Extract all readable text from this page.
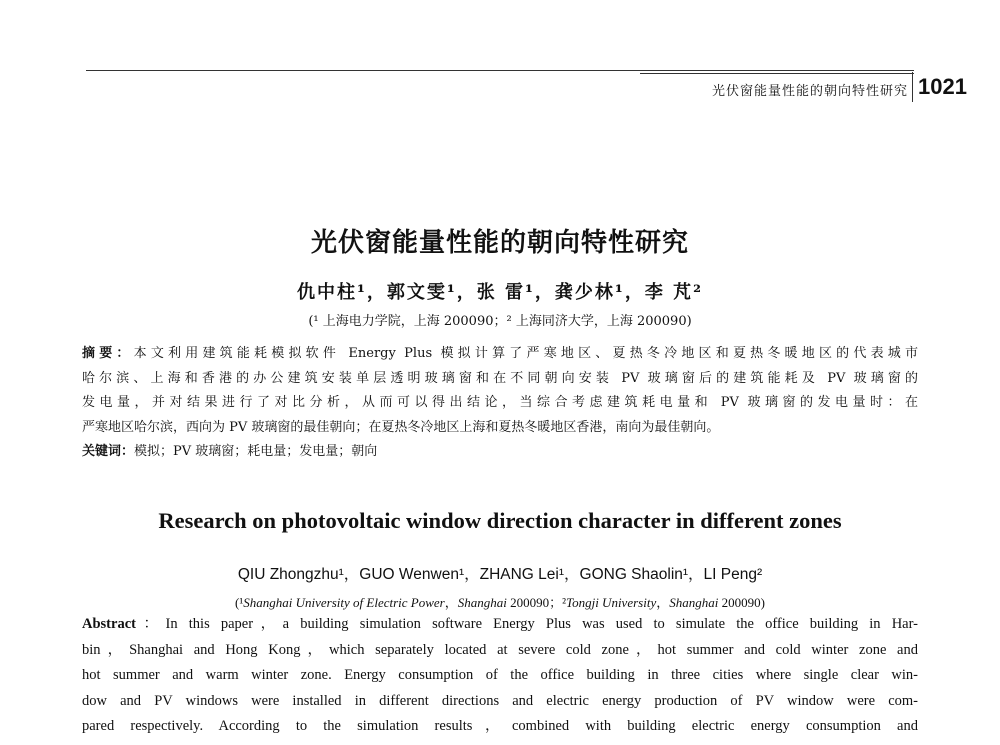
光伏窗能量性能的朝向特性研究 1021
光伏窗能量性能的朝向特性研究
仇中柱¹，郭文雯¹，张 雷¹，龚少林¹，李 芃²
(¹ 上海电力学院，上海 200090；² 上海同济大学，上海 200090)
摘要：本文利用建筑能耗模拟软件 Energy Plus 模拟计算了严寒地区、夏热冬冷地区和夏热冬暖地区的代表城市
哈尔滨、上海和香港的办公建筑安装单层透明玻璃窗和在不同朝向安装 PV 玻璃窗后的建筑能耗及 PV 玻璃窗的
发电量，并对结果进行了对比分析，从而可以得出结论，当综合考虑建筑耗电量和 PV 玻璃窗的发电量时：在
严寒地区哈尔滨，西向为 PV 玻璃窗的最佳朝向；在夏热冬冷地区上海和夏热冬暖地区香港，南向为最佳朝向。
关键词：模拟；PV 玻璃窗；耗电量；发电量；朝向
Research on photovoltaic window direction character in different zones
QIU Zhongzhu¹，GUO Wenwen¹，ZHANG Lei¹，GONG Shaolin¹，LI Peng²
(¹Shanghai University of Electric Power，Shanghai 200090；²Tongji University，Shanghai 200090)
Abstract：In this paper，a building simulation software Energy Plus was used to simulate the office building in Har-
bin，Shanghai and Hong Kong，which separately located at severe cold zone，hot summer and cold winter zone and
hot summer and warm winter zone. Energy consumption of the office building in three cities where single clear win-
dow and PV windows were installed in different directions and electric energy production of PV window were com-
pared respectively. According to the simulation results，combined with building electric energy consumption and
